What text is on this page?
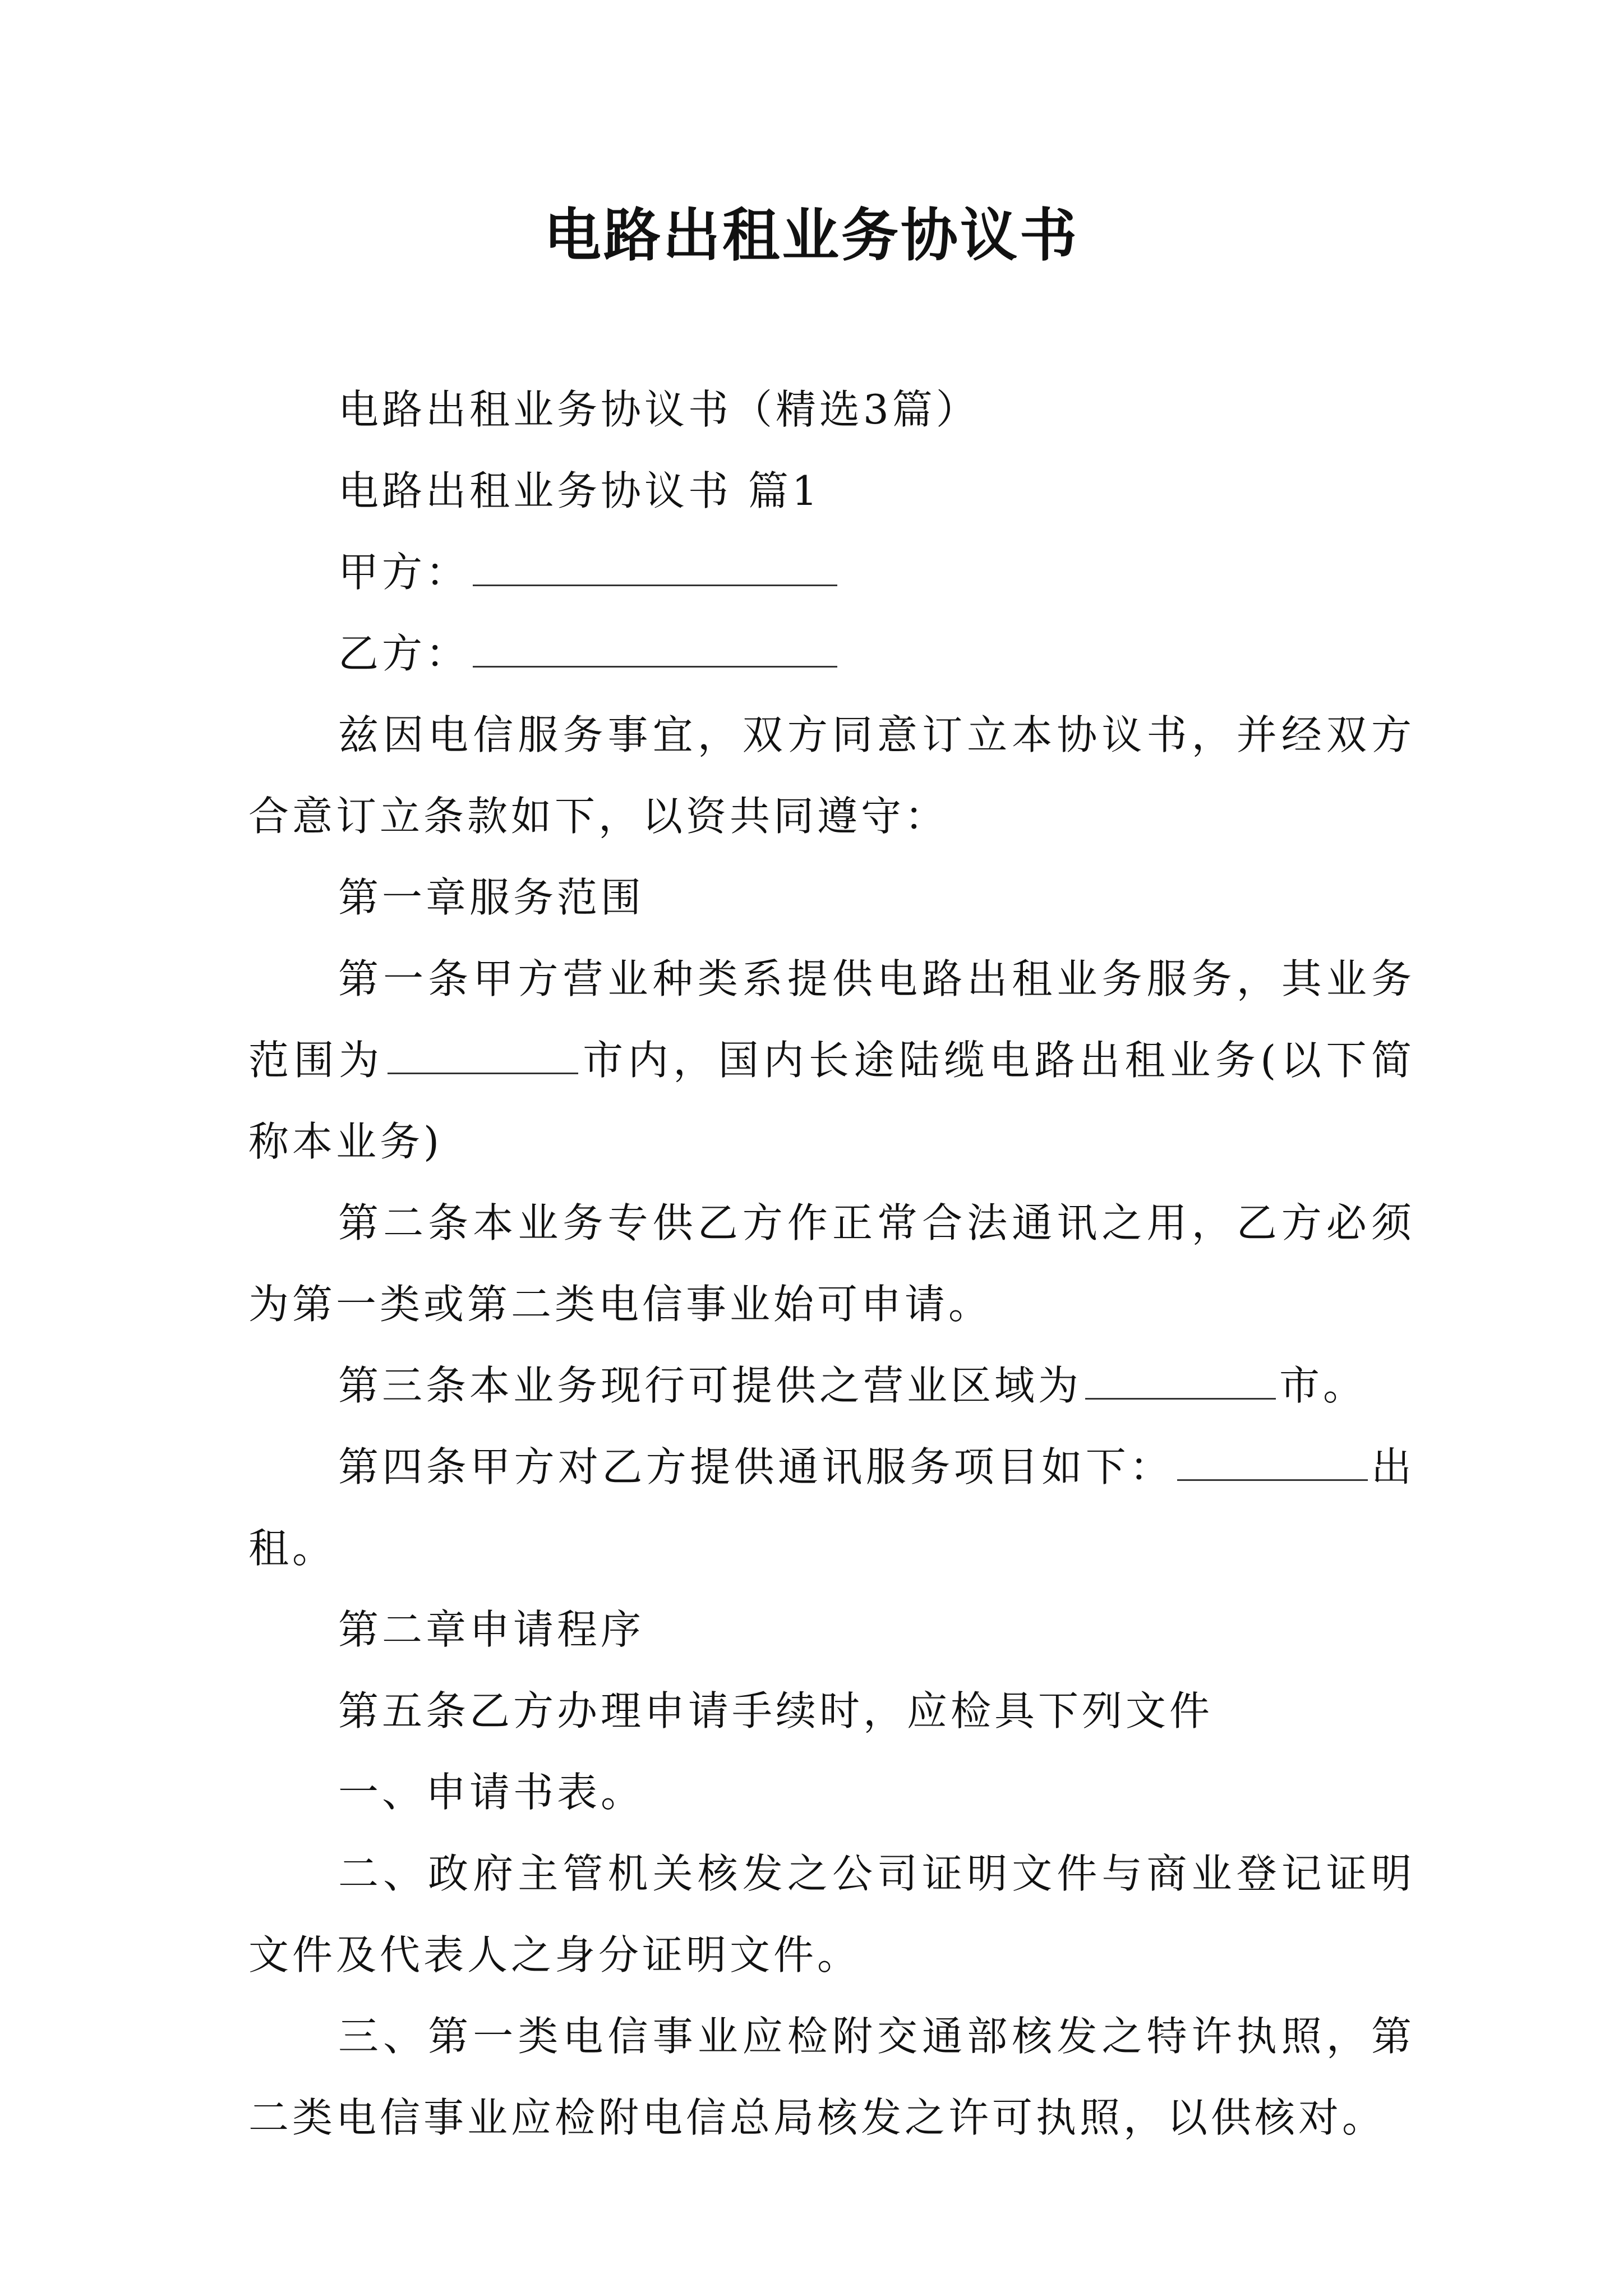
电路出租业务协议书

电路出租业务协议书（精选3篇）

电路出租业务协议书 篇1

甲方：

乙方：

兹因电信服务事宜，双方同意订立本协议书，并经双方合意订立条款如下，以资共同遵守：

第一章服务范围

第一条甲方营业种类系提供电路出租业务服务，其业务范围为	市内，国内长途陆缆电路出租业务(以下简称本业务)

第二条本业务专供乙方作正常合法通讯之用，乙方必须为第一类或第二类电信事业始可申请。

第三条本业务现行可提供之营业区域为	市。

第四条甲方对乙方提供通讯服务项目如下：	出租。

第二章申请程序

第五条乙方办理申请手续时，应检具下列文件

一、申请书表。

二、政府主管机关核发之公司证明文件与商业登记证明文件及代表人之身分证明文件。

三、第一类电信事业应检附交通部核发之特许执照，第二类电信事业应检附电信总局核发之许可执照，以供核对。
